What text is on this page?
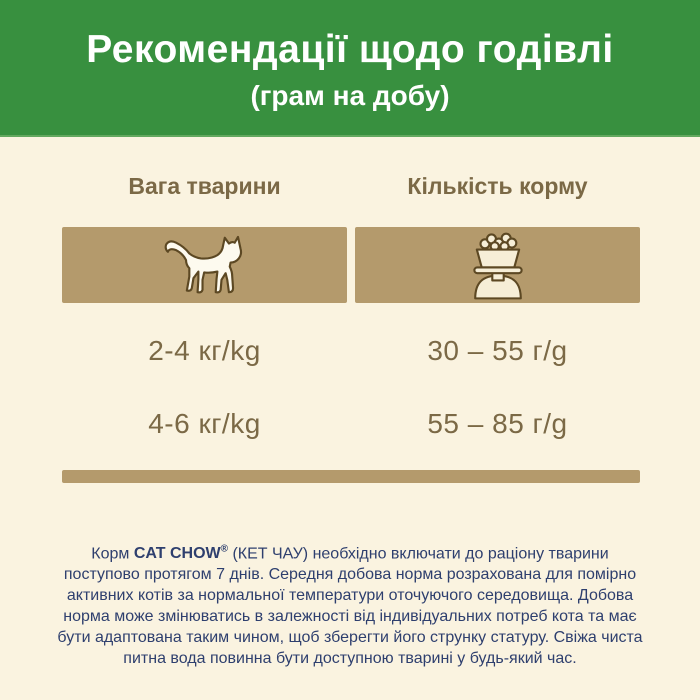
Рекомендації щодо годівлі
(грам на добу)
Вага тварини	Кількість корму
2-4 кг/kg	30 – 55 г/g
4-6 кг/kg	55 – 85 г/g

Корм CAT CHOW® (КЕТ ЧАУ) необхідно включати до раціону тварини поступово протягом 7 днів. Середня добова норма розрахована для помірно активних котів за нормальної температури оточуючого середовища. Добова норма може змінюватись в залежності від індивідуальних потреб кота та має бути адаптована таким чином, щоб зберегти його струнку статуру. Свіжа чиста питна вода повинна бути доступною тварині у будь-який час.
